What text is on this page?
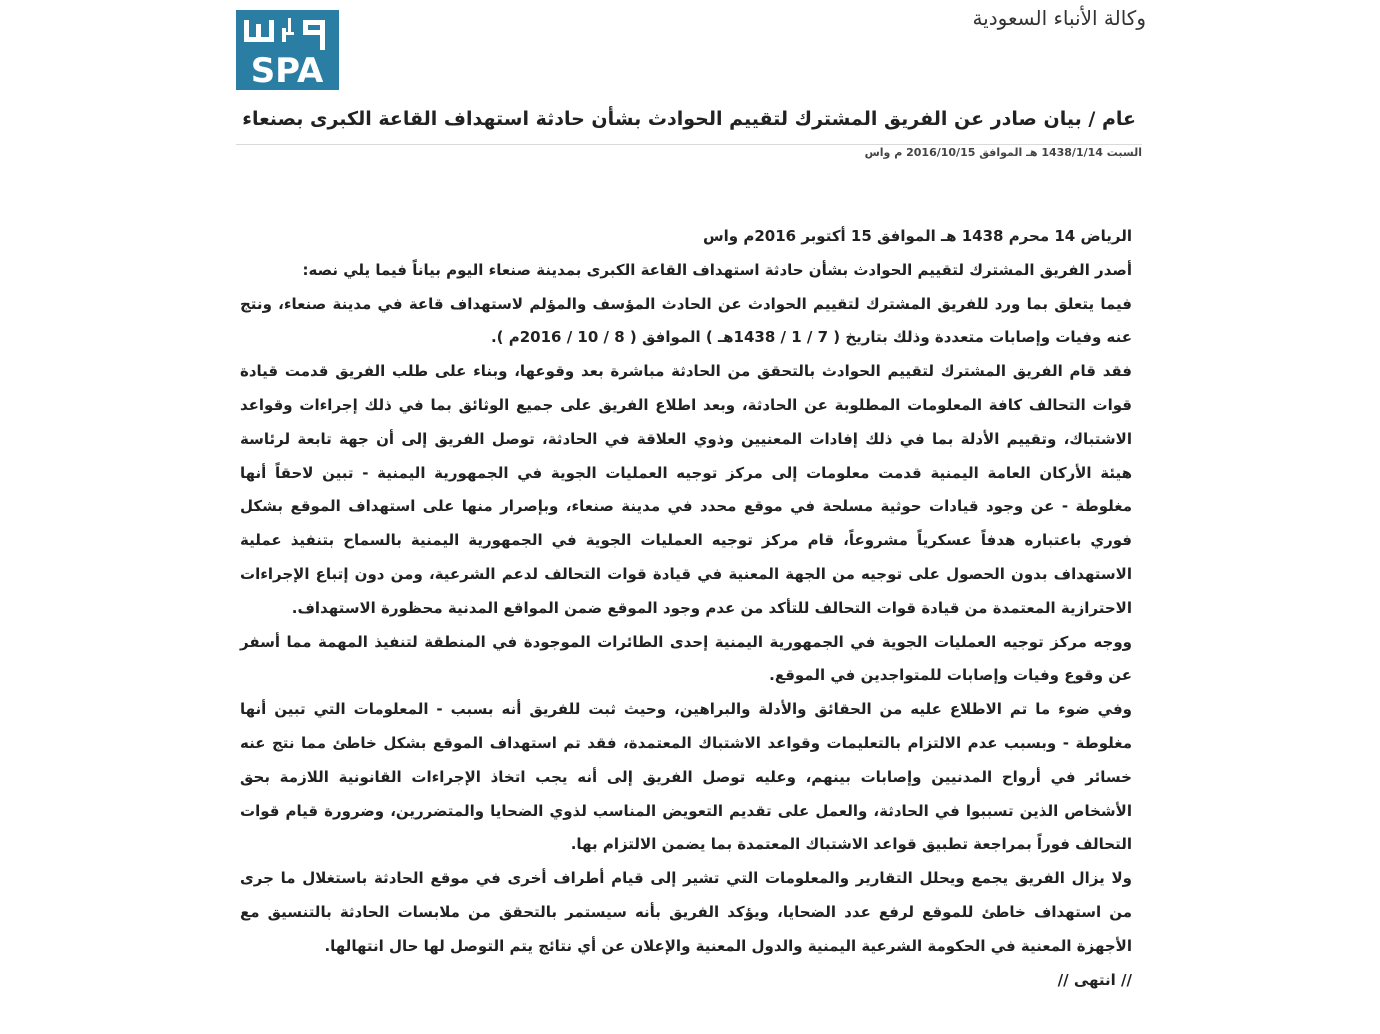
SPA
وكالة الأنباء السعودية
عام / بيان صادر عن الفريق المشترك لتقييم الحوادث بشأن حادثة استهداف القاعة الكبرى بصنعاء
السبت 1438/1/14 هـ الموافق 2016/10/15 م واس

الرياض 14 محرم 1438 هـ الموافق 15 أكتوبر 2016م واس

أصدر الفريق المشترك لتقييم الحوادث بشأن حادثة استهداف القاعة الكبرى بمدينة صنعاء اليوم بياناً فيما يلي نصه:

فيما يتعلق بما ورد للفريق المشترك لتقييم الحوادث عن الحادث المؤسف والمؤلم لاستهداف قاعة في مدينة صنعاء، ونتج عنه وفيات وإصابات متعددة وذلك بتاريخ ( 7 / 1 / 1438هـ ) الموافق ( 8 / 10 / 2016م ).

فقد قام الفريق المشترك لتقييم الحوادث بالتحقق من الحادثة مباشرة بعد وقوعها، وبناء على طلب الفريق قدمت قيادة قوات التحالف كافة المعلومات المطلوبة عن الحادثة، وبعد اطلاع الفريق على جميع الوثائق بما في ذلك إجراءات وقواعد الاشتباك، وتقييم الأدلة بما في ذلك إفادات المعنيين وذوي العلاقة في الحادثة، توصل الفريق إلى أن جهة تابعة لرئاسة هيئة الأركان العامة اليمنية قدمت معلومات إلى مركز توجيه العمليات الجوية في الجمهورية اليمنية - تبين لاحقاً أنها مغلوطة - عن وجود قيادات حوثية مسلحة في موقع محدد في مدينة صنعاء، وبإصرار منها على استهداف الموقع بشكل فوري باعتباره هدفاً عسكرياً مشروعاً، قام مركز توجيه العمليات الجوية في الجمهورية اليمنية بالسماح بتنفيذ عملية الاستهداف بدون الحصول على توجيه من الجهة المعنية في قيادة قوات التحالف لدعم الشرعية، ومن دون إتباع الإجراءات الاحترازية المعتمدة من قيادة قوات التحالف للتأكد من عدم وجود الموقع ضمن المواقع المدنية محظورة الاستهداف.

ووجه مركز توجيه العمليات الجوية في الجمهورية اليمنية إحدى الطائرات الموجودة في المنطقة لتنفيذ المهمة مما أسفر عن وقوع وفيات وإصابات للمتواجدين في الموقع.

وفي ضوء ما تم الاطلاع عليه من الحقائق والأدلة والبراهين، وحيث ثبت للفريق أنه بسبب - المعلومات التي تبين أنها مغلوطة - وبسبب عدم الالتزام بالتعليمات وقواعد الاشتباك المعتمدة، فقد تم استهداف الموقع بشكل خاطئ مما نتج عنه خسائر في أرواح المدنيين وإصابات بينهم، وعليه توصل الفريق إلى أنه يجب اتخاذ الإجراءات القانونية اللازمة بحق الأشخاص الذين تسببوا في الحادثة، والعمل على تقديم التعويض المناسب لذوي الضحايا والمتضررين، وضرورة قيام قوات التحالف فوراً بمراجعة تطبيق قواعد الاشتباك المعتمدة بما يضمن الالتزام بها.

ولا يزال الفريق يجمع ويحلل التقارير والمعلومات التي تشير إلى قيام أطراف أخرى في موقع الحادثة باستغلال ما جرى من استهداف خاطئ للموقع لرفع عدد الضحايا، ويؤكد الفريق بأنه سيستمر بالتحقق من ملابسات الحادثة بالتنسيق مع الأجهزة المعنية في الحكومة الشرعية اليمنية والدول المعنية والإعلان عن أي نتائج يتم التوصل لها حال انتهالها.

// انتهى //
